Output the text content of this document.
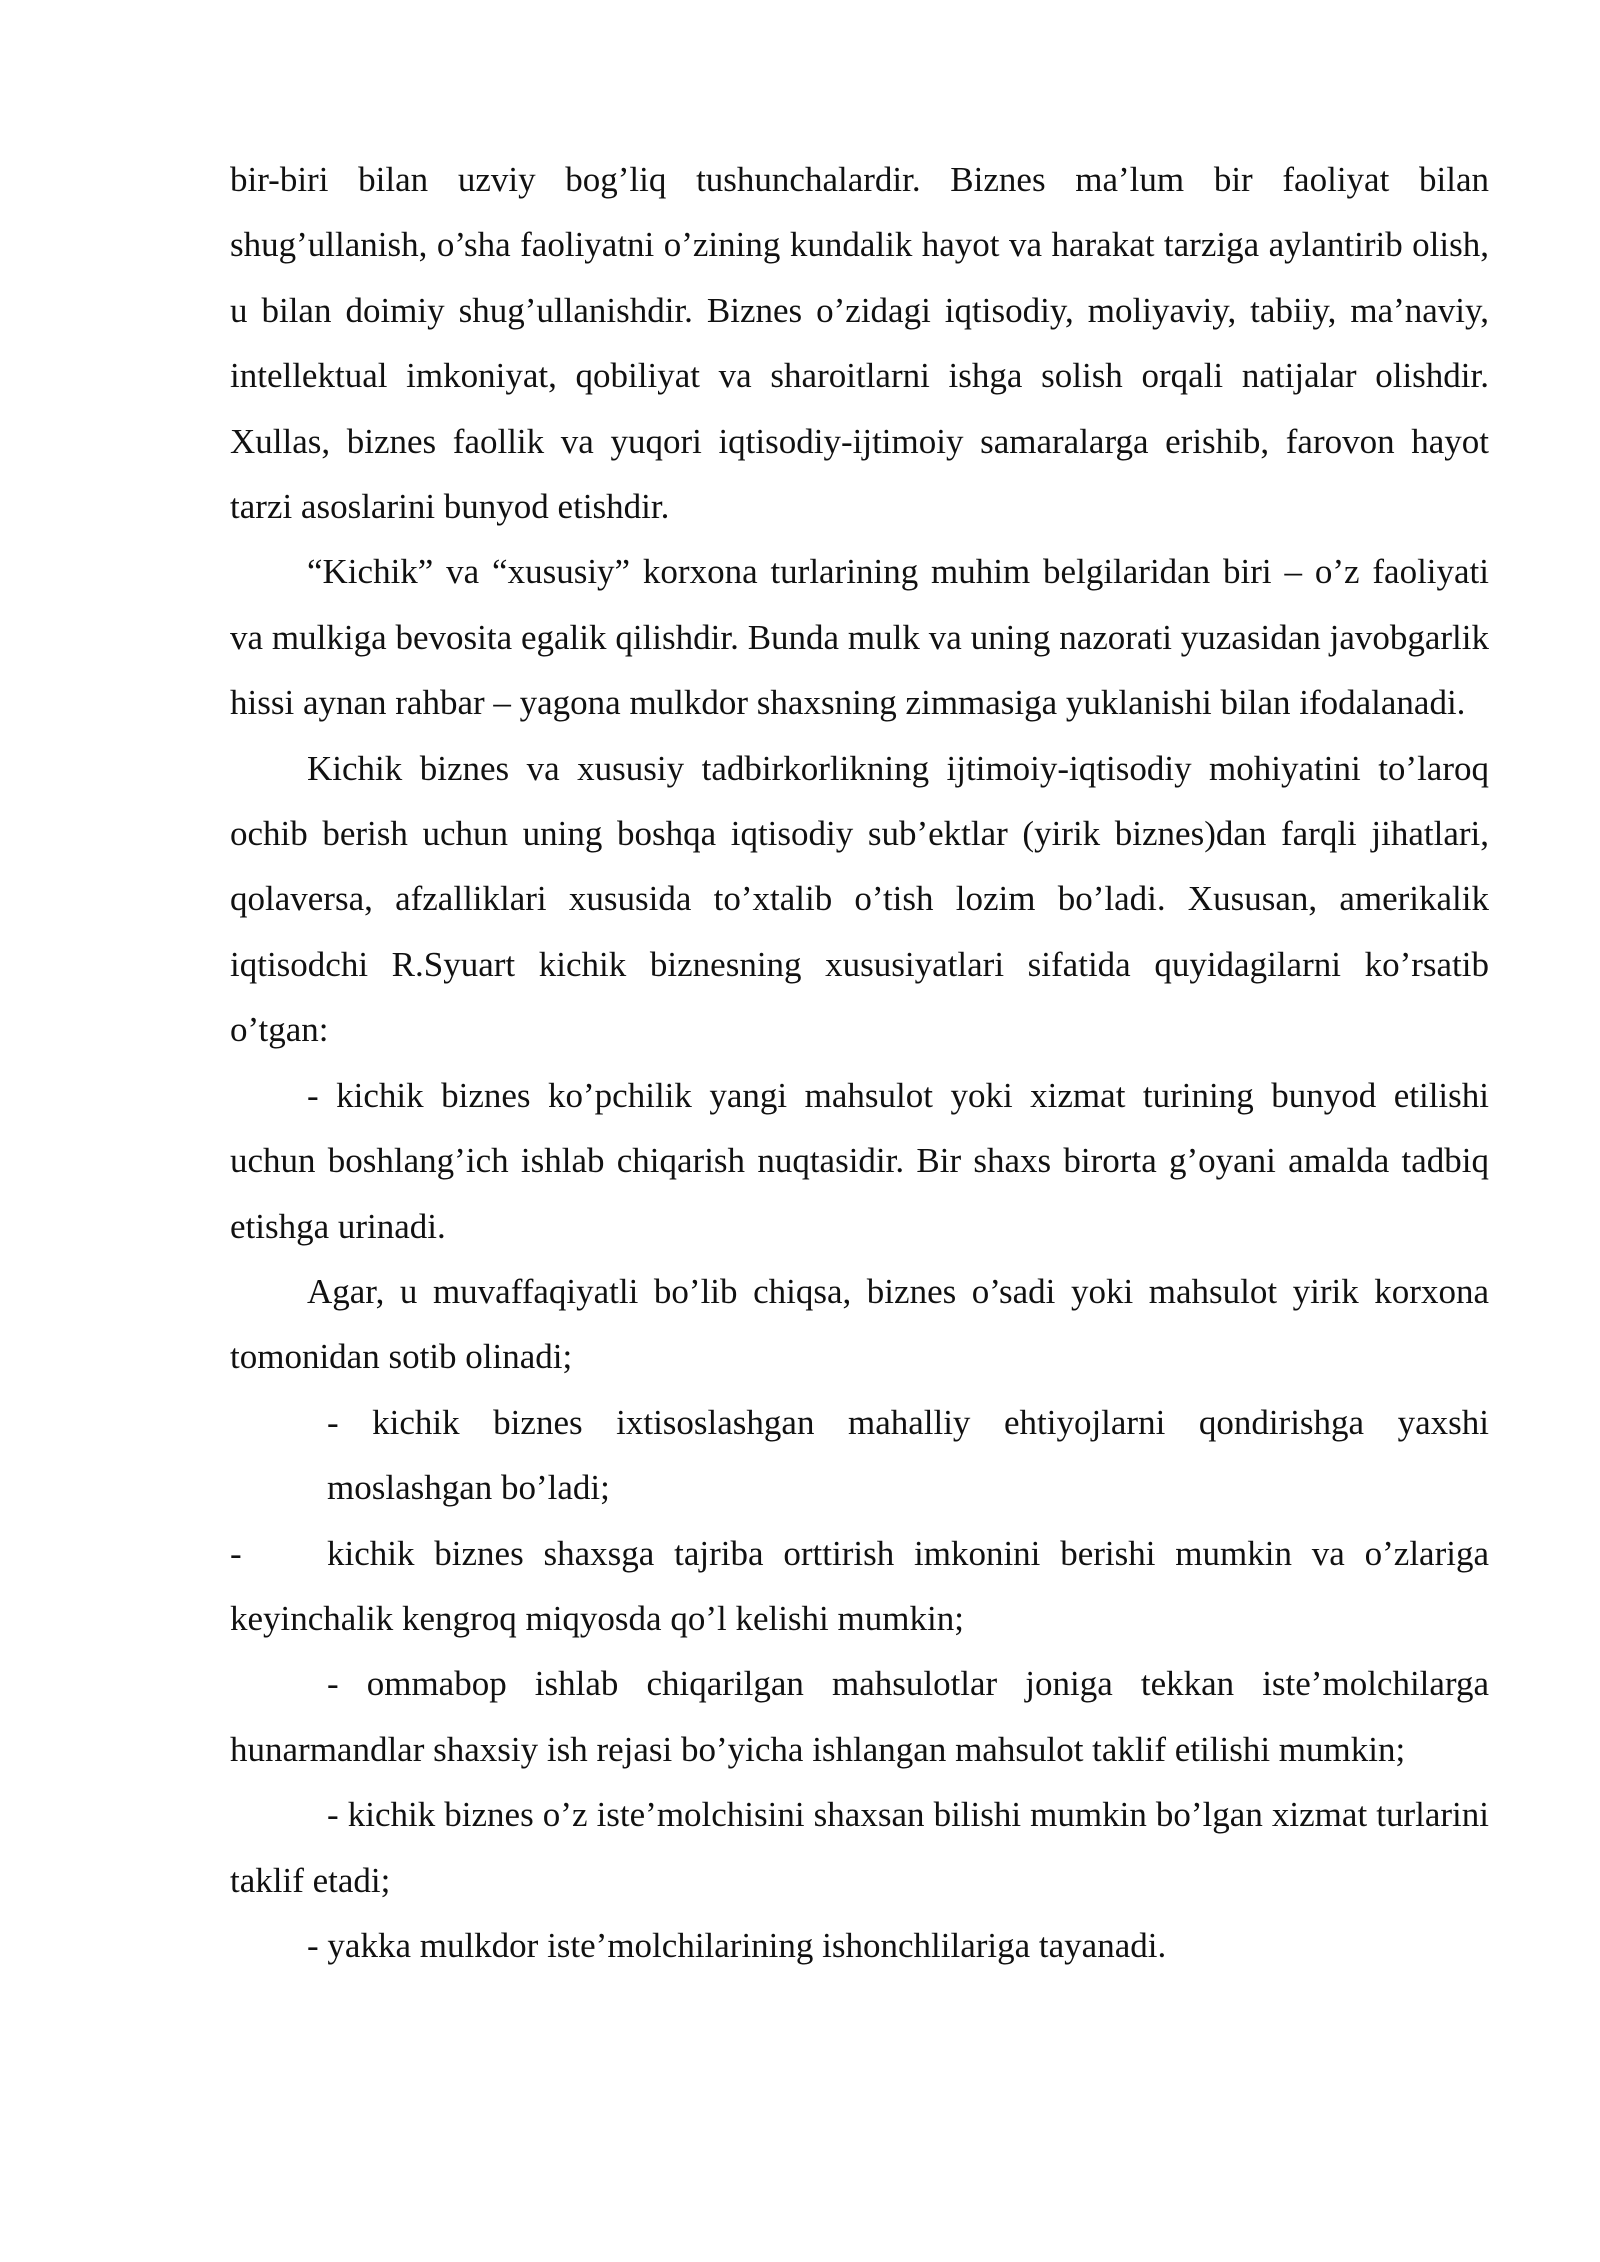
bir-biri bilan uzviy bog’liq tushunchalardir. Biznes ma’lum bir faoliyat bilan shug’ullanish, o’sha faoliyatni o’zining kundalik hayot va harakat tarziga aylantirib olish, u bilan doimiy shug’ullanishdir. Biznes o’zidagi iqtisodiy, moliyaviy, tabiiy, ma’naviy, intellektual imkoniyat, qobiliyat va sharoitlarni ishga solish orqali natijalar olishdir. Xullas, biznes faollik va yuqori iqtisodiy-ijtimoiy samaralarga erishib, farovon hayot tarzi asoslarini bunyod etishdir.

“Kichik” va “xususiy” korxona turlarining muhim belgilaridan biri – o’z faoliyati va mulkiga bevosita egalik qilishdir. Bunda mulk va uning nazorati yuzasidan javobgarlik hissi aynan rahbar – yagona mulkdor shaxsning zimmasiga yuklanishi bilan ifodalanadi.

Kichik biznes va xususiy tadbirkorlikning ijtimoiy-iqtisodiy mohiyatini to’laroq ochib berish uchun uning boshqa iqtisodiy sub’ektlar (yirik biznes)dan farqli jihatlari, qolaversa, afzalliklari xususida to’xtalib o’tish lozim bo’ladi. Xususan, amerikalik iqtisodchi R.Syuart kichik biznesning xususiyatlari sifatida quyidagilarni ko’rsatib o’tgan:

- kichik biznes ko’pchilik yangi mahsulot yoki xizmat turining bunyod etilishi uchun boshlang’ich ishlab chiqarish nuqtasidir. Bir shaxs birorta g’oyani amalda tadbiq etishga urinadi.

Agar, u muvaffaqiyatli bo’lib chiqsa, biznes o’sadi yoki mahsulot yirik korxona tomonidan sotib olinadi;

- kichik biznes ixtisoslashgan mahalliy ehtiyojlarni qondirishga yaxshi moslashgan bo’ladi;

- kichik biznes shaxsga tajriba orttirish imkonini berishi mumkin va o’zlariga keyinchalik kengroq miqyosda qo’l kelishi mumkin;

- ommabop ishlab chiqarilgan mahsulotlar joniga tekkan iste’molchilarga hunarmandlar shaxsiy ish rejasi bo’yicha ishlangan mahsulot taklif etilishi mumkin;

- kichik biznes o’z iste’molchisini shaxsan bilishi mumkin bo’lgan xizmat turlarini taklif etadi;

- yakka mulkdor iste’molchilarining ishonchlilariga tayanadi.
